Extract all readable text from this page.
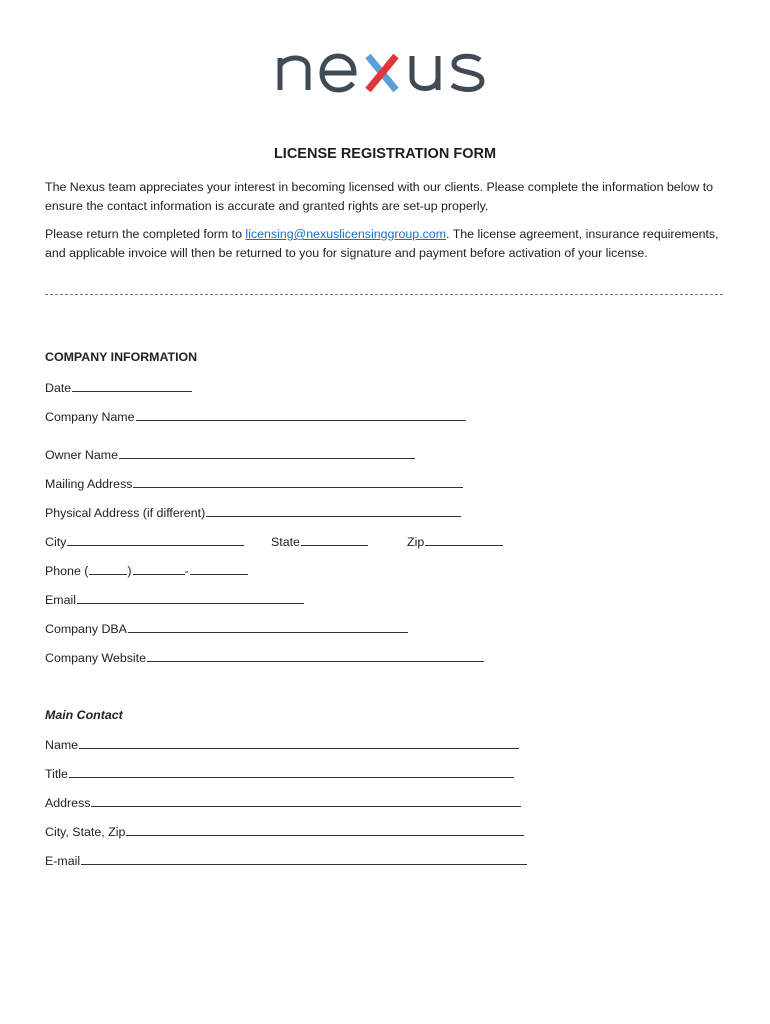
LICENSE REGISTRATION FORM
The Nexus team appreciates your interest in becoming licensed with our clients. Please complete the information below to ensure the contact information is accurate and granted rights are set-up properly.
Please return the completed form to licensing@nexuslicensinggroup.com. The license agreement, insurance requirements, and applicable invoice will then be returned to you for signature and payment before activation of your license.
COMPANY INFORMATION
Date
Company Name
Owner Name
Mailing Address
Physical Address (if different)
City	State	Zip
Phone (	)	-
Email
Company DBA
Company Website
Main Contact
Name
Title
Address
City, State, Zip
E-mail
